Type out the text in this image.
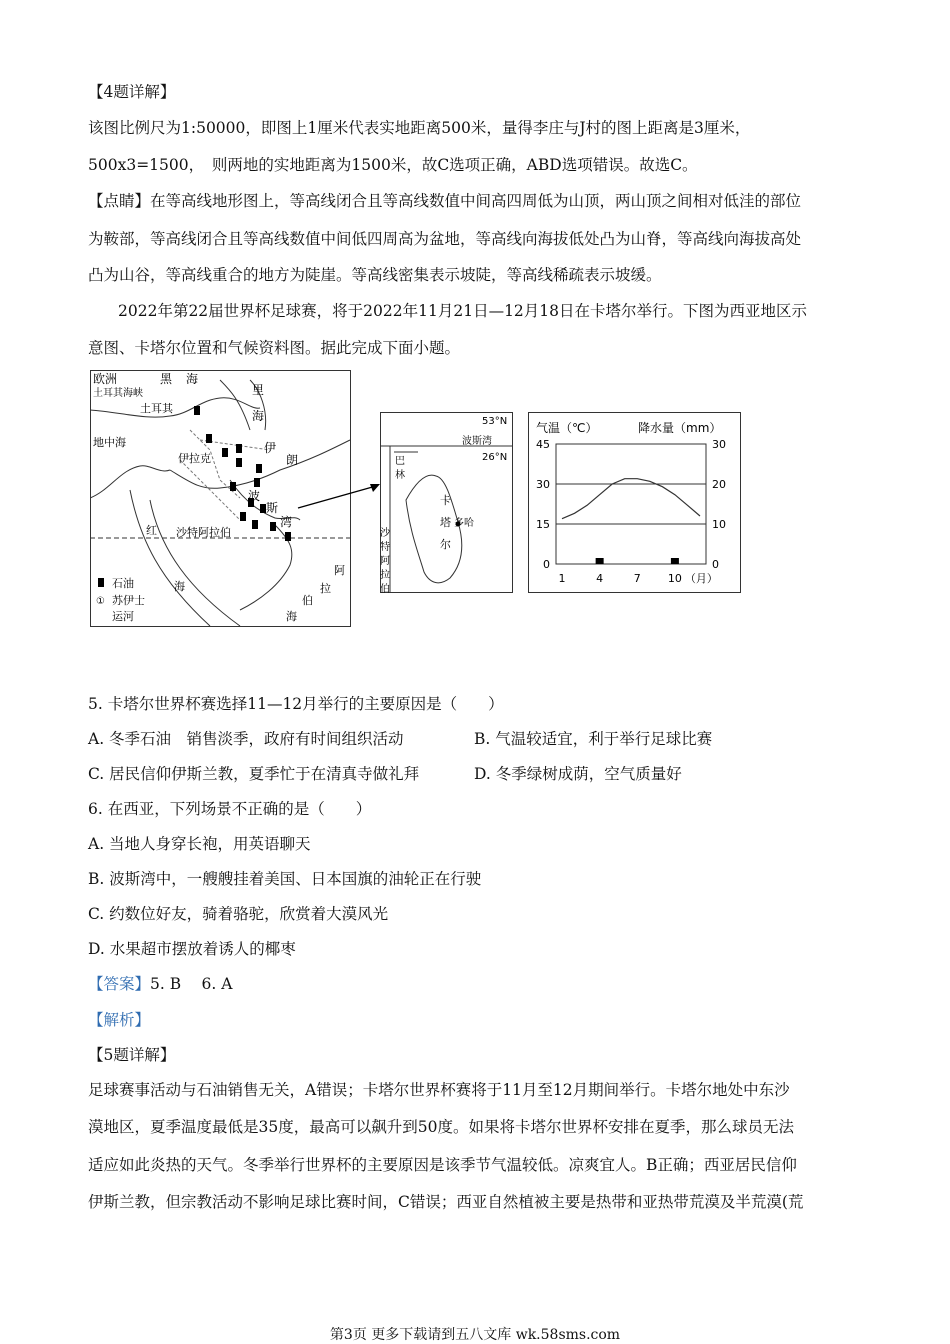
【4题详解】
该图比例尺为1:50000，即图上1厘米代表实地距离500米，量得李庄与J村的图上距离是3厘米，
500x3=1500，　则两地的实地距离为1500米，故C选项正确，ABD选项错误。故选C。
【点睛】在等高线地形图上，等高线闭合且等高线数值中间高四周低为山顶，两山顶之间相对低洼的部位
为鞍部，等高线闭合且等高线数值中间低四周高为盆地，等高线向海拔低处凸为山脊，等高线向海拔高处
凸为山谷，等高线重合的地方为陡崖。等高线密集表示坡陡，等高线稀疏表示坡缓。
2022年第22届世界杯足球赛，将于2022年11月21日—12月18日在卡塔尔举行。下图为西亚地区示
意图、卡塔尔位置和气候资料图。据此完成下面小题。
欧洲	黑 海
土耳其海峡
土耳其
里
海
地中海
伊拉克
伊
朗
波
斯
湾
红 沙特阿拉伯
海
阿
拉
伯
海
石油
① 苏伊士
运河
53°N
波斯湾
26°N
巴
林
卡
塔
尔
多哈
沙
特
阿
拉
伯
气温（℃）	降水量（mm）
0
15
30
45
0
10
20
30
1	4	7 10 （月）
5. 卡塔尔世界杯赛选择11—12月举行的主要原因是（　　）
A. 冬季石油　销售淡季，政府有时间组织活动	B. 气温较适宜，利于举行足球比赛
C. 居民信仰伊斯兰教，夏季忙于在清真寺做礼拜	D. 冬季绿树成荫，空气质量好
6. 在西亚，下列场景不正确的是（　　）
A. 当地人身穿长袍，用英语聊天
B. 波斯湾中，一艘艘挂着美国、日本国旗的油轮正在行驶
C. 约数位好友，骑着骆驼，欣赏着大漠风光
D. 水果超市摆放着诱人的椰枣
【答案】5. B　 6. A
【解析】
【5题详解】
足球赛事活动与石油销售无关，A错误；卡塔尔世界杯赛将于11月至12月期间举行。卡塔尔地处中东沙
漠地区，夏季温度最低是35度，最高可以飙升到50度。如果将卡塔尔世界杯安排在夏季，那么球员无法
适应如此炎热的天气。冬季举行世界杯的主要原因是该季节气温较低。凉爽宜人。B正确；西亚居民信仰
伊斯兰教，但宗教活动不影响足球比赛时间，C错误；西亚自然植被主要是热带和亚热带荒漠及半荒漠(荒
第3页 更多下载请到五八文库 wk.58sms.com
